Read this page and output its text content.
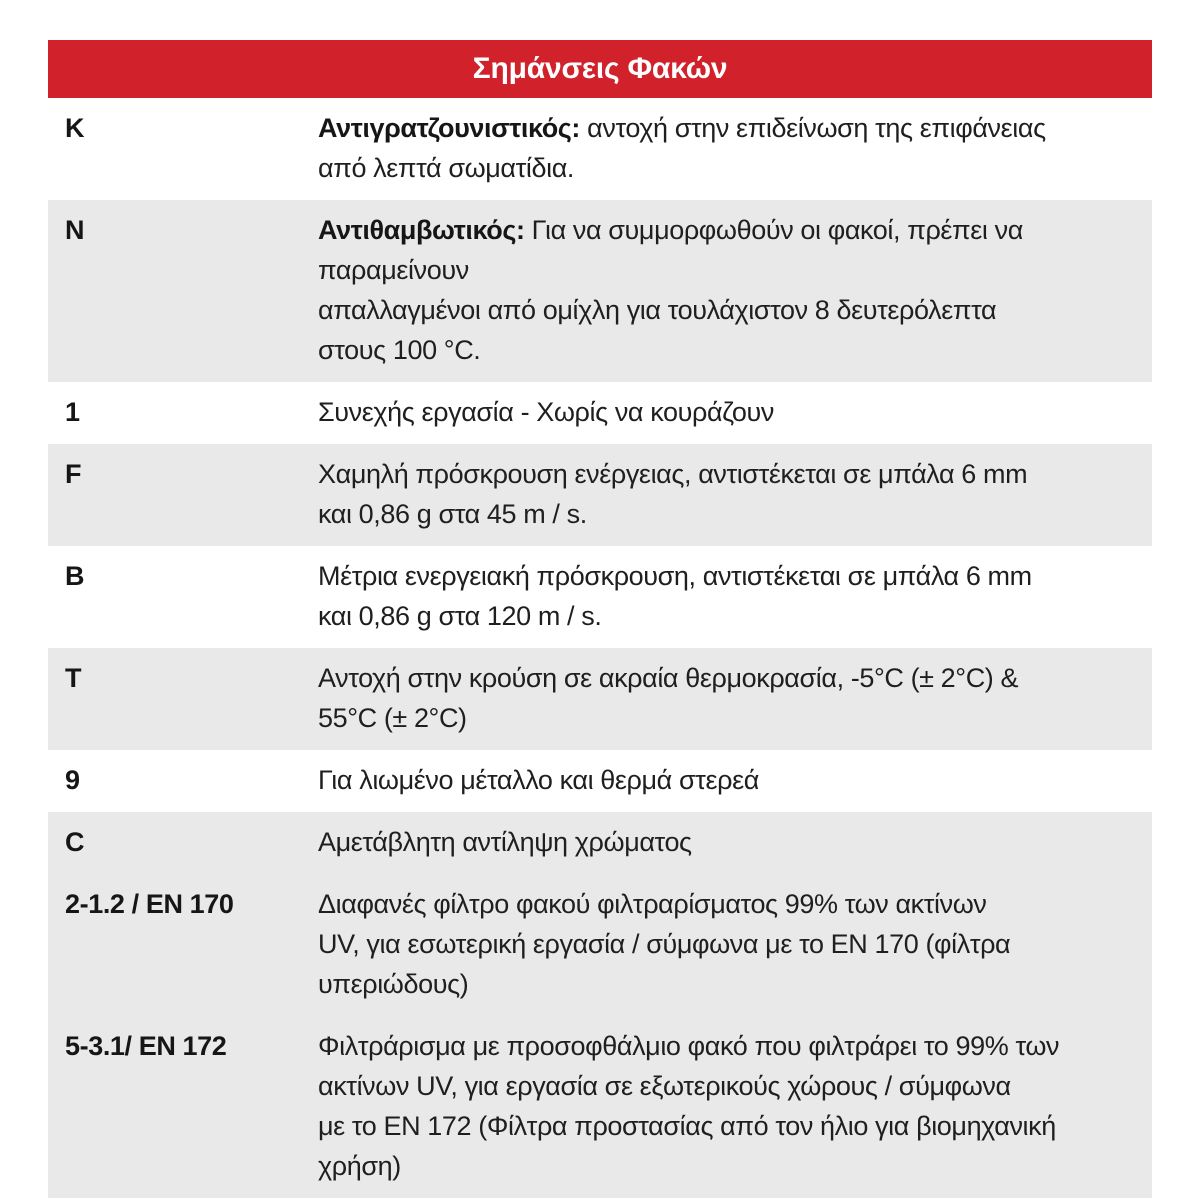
Σημάνσεις Φακών
K	Αντιγρατζουνιστικός: αντοχή στην επιδείνωση της επιφάνειας
από λεπτά σωματίδια.
N	Αντιθαμβωτικός: Για να συμμορφωθούν οι φακοί, πρέπει να
παραμείνουν
απαλλαγμένοι από ομίχλη για τουλάχιστον 8 δευτερόλεπτα
στους 100 °C.
1	Συνεχής εργασία - Χωρίς να κουράζουν
F	Χαμηλή πρόσκρουση ενέργειας, αντιστέκεται σε μπάλα 6 mm
και 0,86 g στα 45 m / s.
B	Μέτρια ενεργειακή πρόσκρουση, αντιστέκεται σε μπάλα 6 mm
και 0,86 g στα 120 m / s.
T	Αντοχή στην κρούση σε ακραία θερμοκρασία, -5°C (± 2°C) &
55°C (± 2°C)
9	Για λιωμένο μέταλλο και θερμά στερεά
C	Αμετάβλητη αντίληψη χρώματος
2-1.2 / EN 170	Διαφανές φίλτρο φακού φιλτραρίσματος 99% των ακτίνων
UV, για εσωτερική εργασία / σύμφωνα με το EN 170 (φίλτρα
υπεριώδους)
5-3.1/ EN 172	Φιλτράρισμα με προσοφθάλμιο φακό που φιλτράρει το 99% των
ακτίνων UV, για εργασία σε εξωτερικούς χώρους / σύμφωνα
με το EN 172 (Φίλτρα προστασίας από τον ήλιο για βιομηχανική
χρήση)
